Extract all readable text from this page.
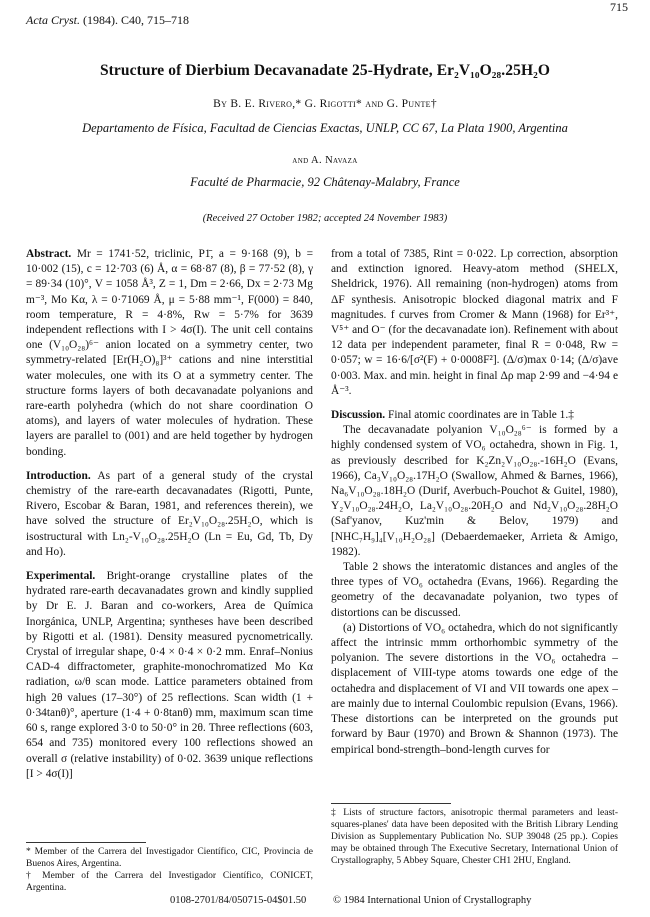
715
Acta Cryst. (1984). C40, 715–718
Structure of Dierbium Decavanadate 25-Hydrate, Er₂V₁₀O₂₈.25H₂O
By B. E. Rivero,* G. Rigotti* and G. Punte†
Departamento de Física, Facultad de Ciencias Exactas, UNLP, CC 67, La Plata 1900, Argentina
and A. Navaza
Faculté de Pharmacie, 92 Châtenay-Malabry, France
(Received 27 October 1982; accepted 24 November 1983)

Abstract. Mr = 1741·52, triclinic, P1̄, a = 9·168 (9), b = 10·002 (15), c = 12·703 (6) Å, α = 68·87 (8), β = 77·52 (8), γ = 89·34 (10)°, V = 1058 Å³, Z = 1, Dm = 2·66, Dx = 2·73 Mg m⁻³, Mo Kα, λ = 0·71069 Å, μ = 5·88 mm⁻¹, F(000) = 840, room temperature, R = 4·8%, Rw = 5·7% for 3639 independent reflections with I > 4σ(I). The unit cell contains one (V₁₀O₂₈)⁶⁻ anion located on a symmetry center, two symmetry-related [Er(H₂O)₈]³⁺ cations and nine interstitial water molecules, one with its O at a symmetry center. The structure forms layers of both decavanadate polyanions and rare-earth polyhedra (which do not share coordination O atoms), and layers of water molecules of hydration. These layers are parallel to (001) and are held together by hydrogen bonding.

Introduction. As part of a general study of the crystal chemistry of the rare-earth decavanadates (Rigotti, Punte, Rivero, Escobar & Baran, 1981, and references therein), we have solved the structure of Er₂V₁₀O₂₈.25H₂O, which is isostructural with Ln₂-V₁₀O₂₈.25H₂O (Ln = Eu, Gd, Tb, Dy and Ho).

Experimental. Bright-orange crystalline plates of the hydrated rare-earth decavanadates grown and kindly supplied by Dr E. J. Baran and co-workers, Area de Química Inorgánica, UNLP, Argentina; syntheses have been described by Rigotti et al. (1981). Density measured pycnometrically. Crystal of irregular shape, 0·4 × 0·4 × 0·2 mm. Enraf–Nonius CAD-4 diffractometer, graphite-monochromatized Mo Kα radiation, ω/θ scan mode. Lattice parameters obtained from high 2θ values (17–30°) of 25 reflections. Scan width (1 + 0·34tanθ)°, aperture (1·4 + 0·8tanθ) mm, maximum scan time 60 s, range explored 3·0 to 50·0° in 2θ. Three reflections (603, 654 and 735) monitored every 100 reflections showed an overall σ (relative instability) of 0·02. 3639 unique reflections [I > 4σ(I)]

from a total of 7385, Rint = 0·022. Lp correction, absorption and extinction ignored. Heavy-atom method (SHELX, Sheldrick, 1976). All remaining (non-hydrogen) atoms from ΔF synthesis. Anisotropic blocked diagonal matrix and F magnitudes. f curves from Cromer & Mann (1968) for Er³⁺, V⁵⁺ and O⁻ (for the decavanadate ion). Refinement with about 12 data per independent parameter, final R = 0·048, Rw = 0·057; w = 16·6/[σ²(F) + 0·0008F²]. (Δ/σ)max 0·14; (Δ/σ)ave 0·003. Max. and min. height in final Δρ map 2·99 and −4·94 e Å⁻³.

Discussion. Final atomic coordinates are in Table 1.‡
The decavanadate polyanion V₁₀O₂₈⁶⁻ is formed by a highly condensed system of VO₆ octahedra, shown in Fig. 1, as previously described for K₂Zn₂V₁₀O₂₈.-16H₂O (Evans, 1966), Ca₃V₁₀O₂₈.17H₂O (Swallow, Ahmed & Barnes, 1966), Na₆V₁₀O₂₈.18H₂O (Durif, Averbuch-Pouchot & Guitel, 1980), Y₂V₁₀O₂₈.24H₂O, La₂V₁₀O₂₈.20H₂O and Nd₂V₁₀O₂₈.28H₂O (Saf'yanov, Kuz'min & Belov, 1979) and [NHC₇H₉]₄[V₁₀H₂O₂₈] (Debaerdemaeker, Arrieta & Amigo, 1982).
Table 2 shows the interatomic distances and angles of the three types of VO₆ octahedra (Evans, 1966). Regarding the geometry of the decavanadate polyanion, two types of distortions can be discussed.
(a) Distortions of VO₆ octahedra, which do not significantly affect the intrinsic mmm orthorhombic symmetry of the polyanion. The severe distortions in the VO₆ octahedra – displacement of VIII-type atoms towards one edge of the octahedra and displacement of VI and VII towards one apex – are mainly due to internal Coulombic repulsion (Evans, 1966). These distortions can be interpreted on the grounds put forward by Baur (1970) and Brown & Shannon (1973). The empirical bond-strength–bond-length curves for

* Member of the Carrera del Investigador Científico, CIC, Provincia de Buenos Aires, Argentina.
† Member of the Carrera del Investigador Científico, CONICET, Argentina.
‡ Lists of structure factors, anisotropic thermal parameters and least-squares-planes' data have been deposited with the British Library Lending Division as Supplementary Publication No. SUP 39048 (25 pp.). Copies may be obtained through The Executive Secretary, International Union of Crystallography, 5 Abbey Square, Chester CH1 2HU, England.
0108-2701/84/050715-04$01.50	© 1984 International Union of Crystallography
